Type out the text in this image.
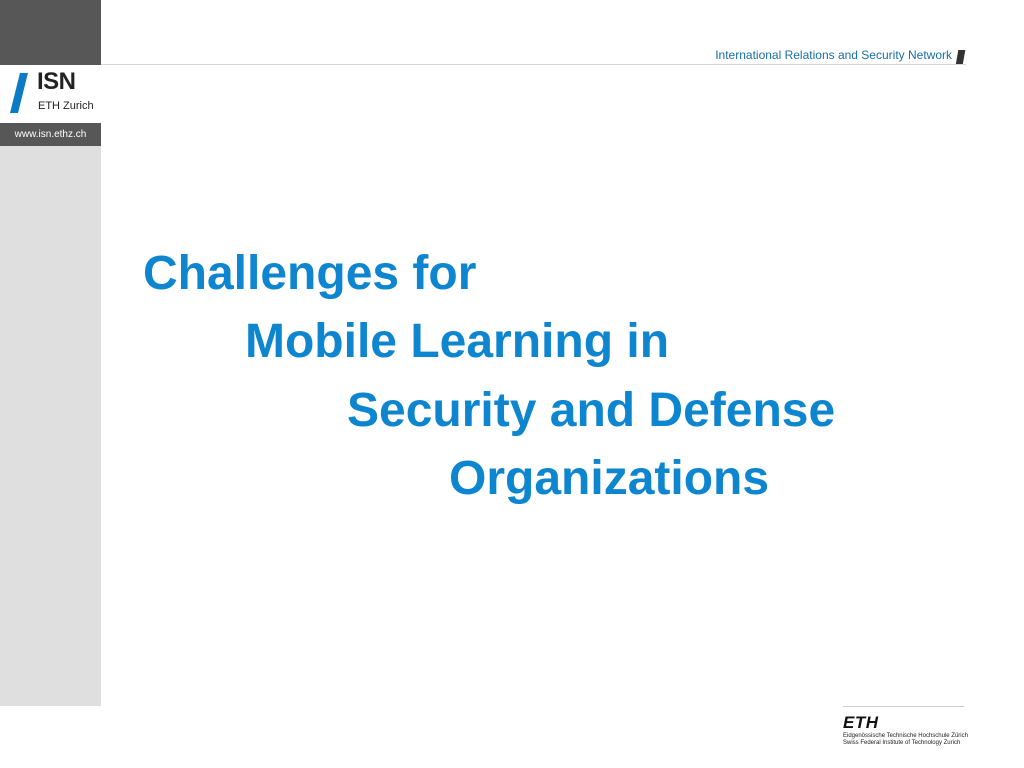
ISN
ETH Zurich
www.isn.ethz.ch
International Relations and Security Network
Challenges for
Mobile Learning in
Security and Defense
Organizations
ETH
Eidgenössische Technische Hochschule Zürich
Swiss Federal Institute of Technology Zurich
